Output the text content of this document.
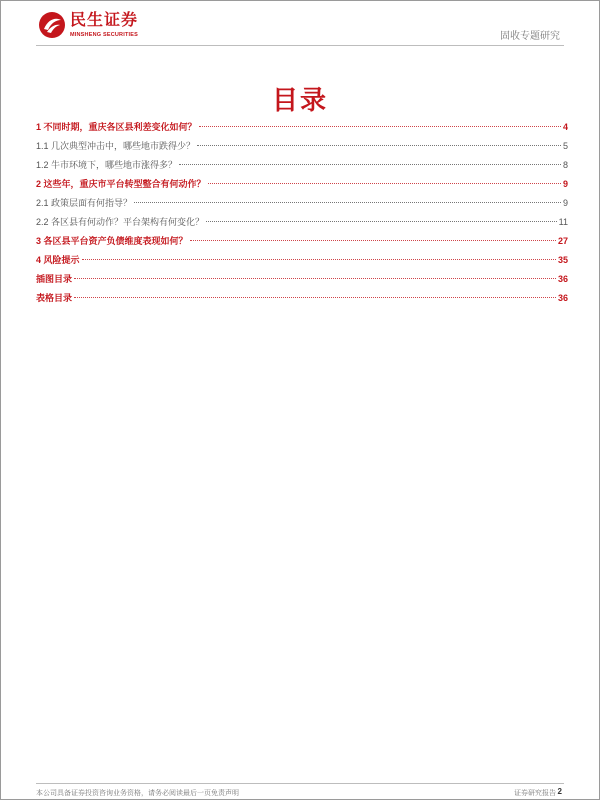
民生证券
MINSHENG SECURITIES	固收专题研究
目录
1 不同时期，重庆各区县利差变化如何？	4
1.1 几次典型冲击中，哪些地市跌得少？	5
1.2 牛市环境下，哪些地市涨得多？	8
2 这些年，重庆市平台转型整合有何动作？	9
2.1 政策层面有何指导？	9
2.2 各区县有何动作？平台架构有何变化？	11
3 各区县平台资产负债维度表现如何？	27
4 风险提示	35
插图目录	36
表格目录	36
本公司具备证券投资咨询业务资格，请务必阅读最后一页免责声明	证券研究报告 2
